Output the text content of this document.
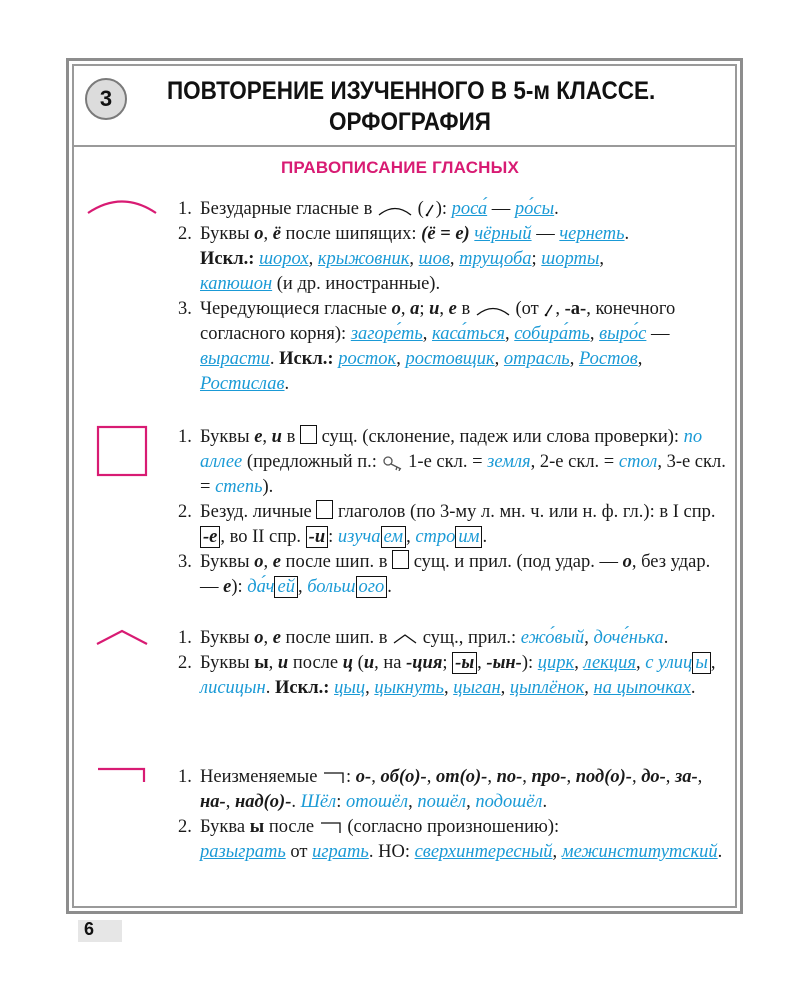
3 ПОВТОРЕНИЕ ИЗУЧЕННОГО В 5-м КЛАССЕ.
ОРФОГРАФИЯ
ПРАВОПИСАНИЕ ГЛАСНЫХ
1. Безударные гласные в ( ): роса́ — ро́сы.
2. Буквы о, ё после шипящих: (ё = е) чёрный — чернеть.
Искл.: шорох, крыжовник, шов, трущоба; шорты,
капюшон (и др. иностранные).
3. Чередующиеся гласные о, а; и, е в (от , -а-, конечного согласного корня): загоре́ть, каса́ться, собира́ть, выро́с — вырасти. Искл.: росток, ростовщик, отрасль, Ростов, Ростислав.
1. Буквы е, и в сущ. (склонение, падеж или слова проверки): по аллее (предложный п.: 1-е скл. = земля, 2-е скл. = стол, 3-е скл. = степь).
2. Безуд. личные глаголов (по 3-му л. мн. ч. или н. ф. гл.): в I спр. -е , во II спр. -и : изуча ем , стро им .
3. Буквы о, е после шип. в сущ. и прил. (под удар. — о, без удар. — е): да́ч ей , больш ого .
1. Буквы о, е после шип. в сущ., прил.: ежо́вый, доче́нька.
2. Буквы ы, и после ц (и, на -ция; -ы , -ын-): цирк, лекция, с улиц ы , лисицын. Искл.: цыц, цыкнуть, цыган, цыплёнок, на цыпочках.
1. Неизменяемые : о-, об(о)-, от(о)-, по-, про-, под(о)-, до-, за-, на-, над(о)-. Шёл: отошёл, пошёл, подошёл.
2. Буква ы после (согласно произношению):
разыграть от играть. НО: сверхинтересный, межинститутский.
6
